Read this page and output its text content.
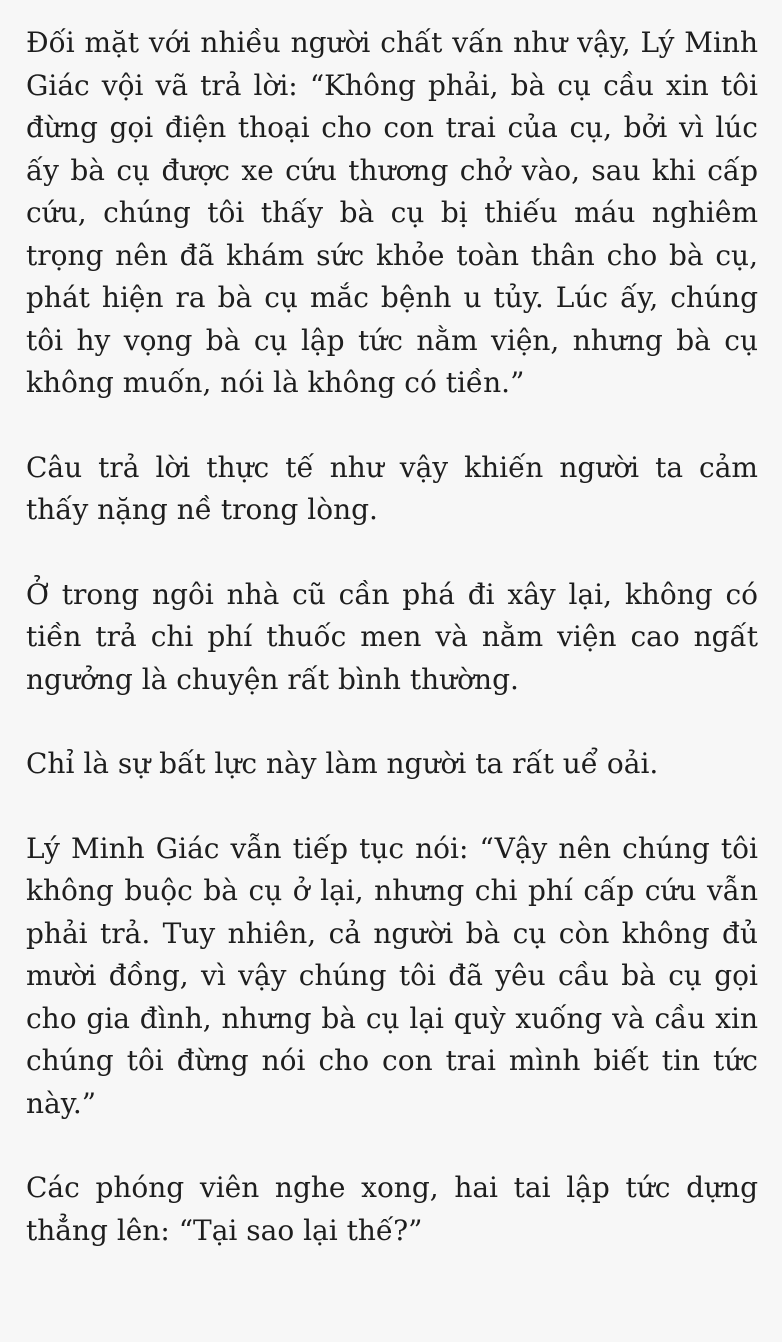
Đối mặt với nhiều người chất vấn như vậy, Lý Minh Giác vội vã trả lời: “Không phải, bà cụ cầu xin tôi đừng gọi điện thoại cho con trai của cụ, bởi vì lúc ấy bà cụ được xe cứu thương chở vào, sau khi cấp cứu, chúng tôi thấy bà cụ bị thiếu máu nghiêm trọng nên đã khám sức khỏe toàn thân cho bà cụ, phát hiện ra bà cụ mắc bệnh u tủy. Lúc ấy, chúng tôi hy vọng bà cụ lập tức nằm viện, nhưng bà cụ không muốn, nói là không có tiền.”

Câu trả lời thực tế như vậy khiến người ta cảm thấy nặng nề trong lòng.

Ở trong ngôi nhà cũ cần phá đi xây lại, không có tiền trả chi phí thuốc men và nằm viện cao ngất ngưởng là chuyện rất bình thường.

Chỉ là sự bất lực này làm người ta rất uể oải.

Lý Minh Giác vẫn tiếp tục nói: “Vậy nên chúng tôi không buộc bà cụ ở lại, nhưng chi phí cấp cứu vẫn phải trả. Tuy nhiên, cả người bà cụ còn không đủ mười đồng, vì vậy chúng tôi đã yêu cầu bà cụ gọi cho gia đình, nhưng bà cụ lại quỳ xuống và cầu xin chúng tôi đừng nói cho con trai mình biết tin tức này.”

Các phóng viên nghe xong, hai tai lập tức dựng thẳng lên: “Tại sao lại thế?”
